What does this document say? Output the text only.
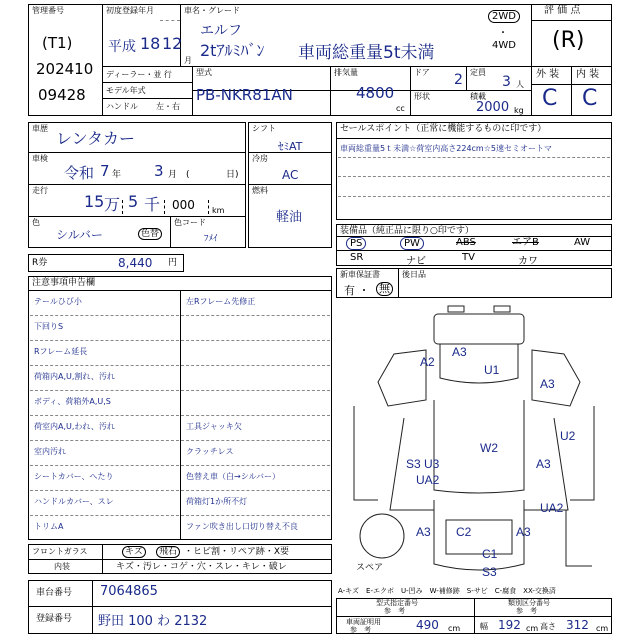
管理番号
(T1)
202410
09428
初度登録年月
平成 18 12
月
車名・グレード
エルフ
2tｱﾙﾐﾊﾞﾝ 車両総重量5t未満
2WD
・
4WD
ディーラー・並 行
モデル年式
ハンドル 左・右
型式
PB-NKR81AN
排気量
4800
cc
ドア 2 定員
3 人
形状	積載
2000 kg
評 価 点
(R)
外 装 内 装
C C
車歴
レンタカー
車検
令和 7 年 3 月 (	日)
走行
15 万 5 千 000 km
色
シルバー	色替
色コード
ﾌﾒｲ
R券	8,440 円
シフト
ｾﾐAT
冷房
AC
燃料
軽油
セールスポイント（正常に機能するものに印です）
車両総重量5ｔ未満☆荷室内高さ224cm☆5速セミオートマ
装備品（純正品に限り○印です）
PS	PW	ABS	エアB	AW
SR	ナビ	TV	カワ
新車保証書
有 ・ 無
後日品
注意事項申告欄
テールひび小	左Rフレーム先修正
下回りS
Rフレーム延長
荷箱内A,U,割れ、汚れ
ボディ、荷箱外A,U,S
荷室内A,U,われ、汚れ	工具ジャッキ欠
室内汚れ	クラッチレス
シートカバー、へたり	色替え車（白→シルバー）
ハンドルカバー、スレ	荷箱灯1か所不灯
トリムA	ファン吹き出し口切り替え不良
フロントガラス	キズ	飛石 ・ヒビ割・リペア跡・X要
内装	キズ・汚レ・コゲ・穴・スレ・キレ・破レ
車台番号 7064865
登録番号 野田 100 わ 2132
A3
A2
U1
A3
W2
U2
S3 U3	A3
UA2
UA2
A3 C2	A3
C1
S3
スペア
A-キズ　E-エクボ　U-凹み　W-補修跡　S-サビ　C-腐食　XX-交換済
型式指定番号
参　考
類別区分番号
参　考
車両証明用
参　考	490 cm 幅 192 cm 高さ 312 cm
